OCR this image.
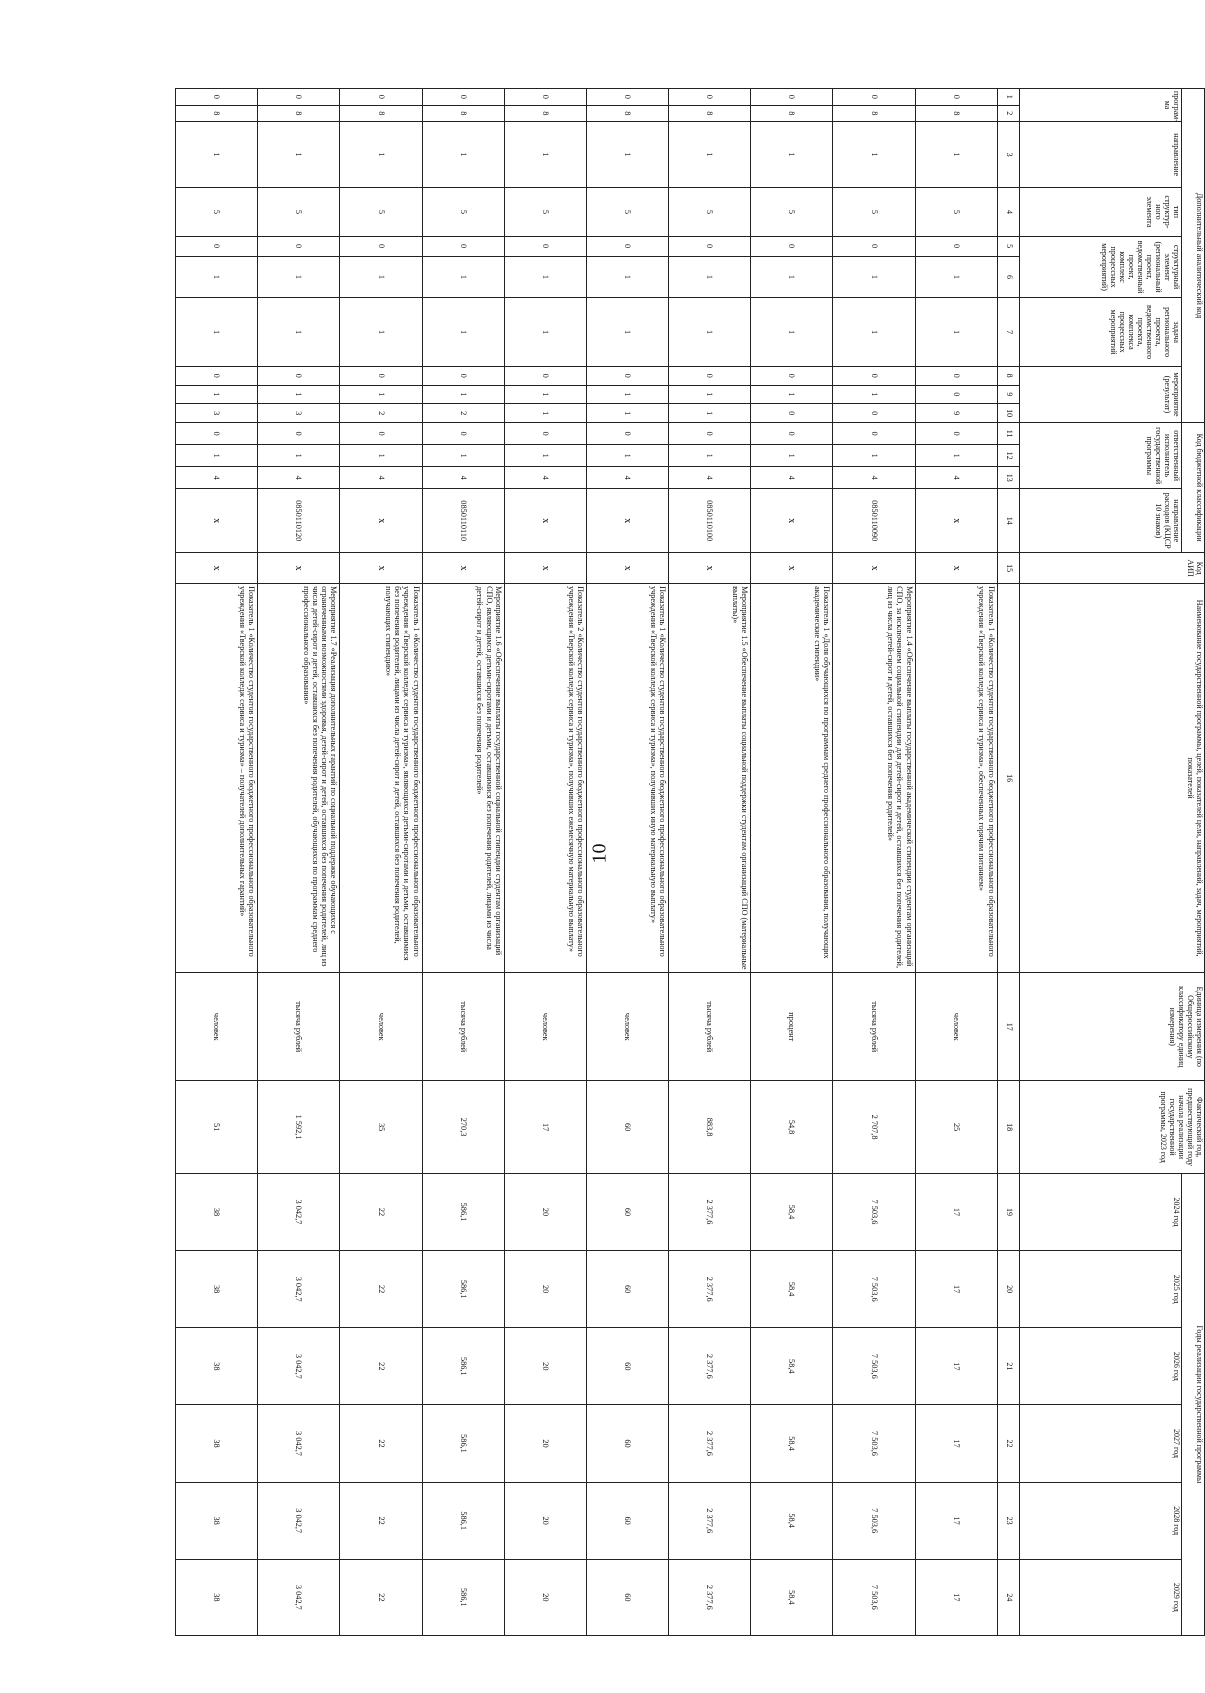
10
Дополнительный аналитический код										Код бюджетной классификации				Код АИП	Наименование государственной программы, целей, показателей цели, направлений, задач, мероприятий, показателей	Единица измерения (по Общероссийскому классификатору единиц измерения)	Фактический год, предшествующий году начала реализации государственной программы, 2023 год	Годы реализации государственной программы					
програм- ма		направление	тип структур-ного элемента	структурный элемент (региональный проект, ведомственный проект, комплекс процессных мероприятий)		задача регионального проекта, ведомственного проекта, комплекса процессных мероприятий	мероприятие (результат)			ответственный исполнитель государственной программы			направление расходов (КЦСР 10 знаков)					2024 год	2025 год	2026 год	2027 год	2028 год	2029 год

1	2	3	4	5	6	7	8	9	10	11	12	13	14	15	16	17	18	19	20	21	22	23	24
0	8	1	5	0	1	1	0	0	9	0	1	4	х	х	Показатель 1 «Количество студентов государственного бюджетного профессионального образовательного учреждения «Тверской колледж сервиса и туризма», обеспеченных горячим питанием»	человек	25	17	17	17	17	17	17
0	8	1	5	0	1	1	0	1	0	0	1	4	0850110090	х	Мероприятие 1.4 «Обеспечение выплаты государственной академической стипендии студентам организаций СПО, за исключением социальной стипендии для детей-сирот и детей, оставшихся без попечения родителей, лиц из числа детей-сирот и детей, оставшихся без попечения родителей»	тысяча рублей	2 707,8	7 503,6	7 503,6	7 503,6	7 503,6	7 503,6	7 503,6
0	8	1	5	0	1	1	0	1	0	0	1	4	х	х	Показатель 1 «Доля обучающихся по программам среднего профессионального образования, получающих академические стипендии»	процент	54,8	58,4	58,4	58,4	58,4	58,4	58,4
0	8	1	5	0	1	1	0	1	1	0	1	4	0850110100	х	Мероприятие 1.5 «Обеспечение выплаты социальной поддержки студентам организаций СПО (материальные выплаты)»	тысяча рублей	883,8	2 377,6	2 377,6	2 377,6	2 377,6	2 377,6	2 377,6
0	8	1	5	0	1	1	0	1	1	0	1	4	х	х	Показатель 1 «Количество студентов государственного бюджетного профессионального образовательного учреждения «Тверской колледж сервиса и туризма», получивших иную материальную выплату»	человек	60	60	60	60	60	60	60
0	8	1	5	0	1	1	0	1	1	0	1	4	х	х	Показатель 2 «Количество студентов государственного бюджетного профессионального образовательного учреждения «Тверской колледж сервиса и туризма», получивших ежемесячную материальную выплату»	человек	17	20	20	20	20	20	20
0	8	1	5	0	1	1	0	1	2	0	1	4	0850110110	х	Мероприятие 1.6 «Обеспечение выплаты государственной социальной стипендии студентам организаций СПО, являющимся детьми-сиротами и детьми, оставшимися без попечения родителей, лицами из числа детей-сирот и детей, оставшихся без попечения родителей»	тысяча рублей	270,3	586,1	586,1	586,1	586,1	586,1	586,1
0	8	1	5	0	1	1	0	1	2	0	1	4	х	х	Показатель 1 «Количество студентов государственного бюджетного профессионального образовательного учреждения «Тверской колледж сервиса и туризма», являющихся детьми-сиротами и детьми, оставшимися без попечения родителей, лицами из числа детей-сирот и детей, оставшихся без попечения родителей, получающих стипендию»	человек	35	22	22	22	22	22	22
0	8	1	5	0	1	1	0	1	3	0	1	4	0850110120	х	Мероприятие 1.7 «Реализация дополнительных гарантий по социальной поддержке обучающихся с ограниченными возможностями здоровья, детей-сирот и детей, оставшихся без попечения родителей, лиц из числа детей-сирот и детей, оставшихся без попечения родителей, обучающихся по программам среднего профессионального образования»	тысяча рублей	1 592,1	3 042,7	3 042,7	3 042,7	3 042,7	3 042,7	3 042,7
0	8	1	5	0	1	1	0	1	3	0	1	4	х	х	Показатель 1 «Количество студентов государственного бюджетного профессионального образовательного учреждения «Тверской колледж сервиса и туризма» – получателей дополнительных гарантий»	человек	51	38	38	38	38	38	38
